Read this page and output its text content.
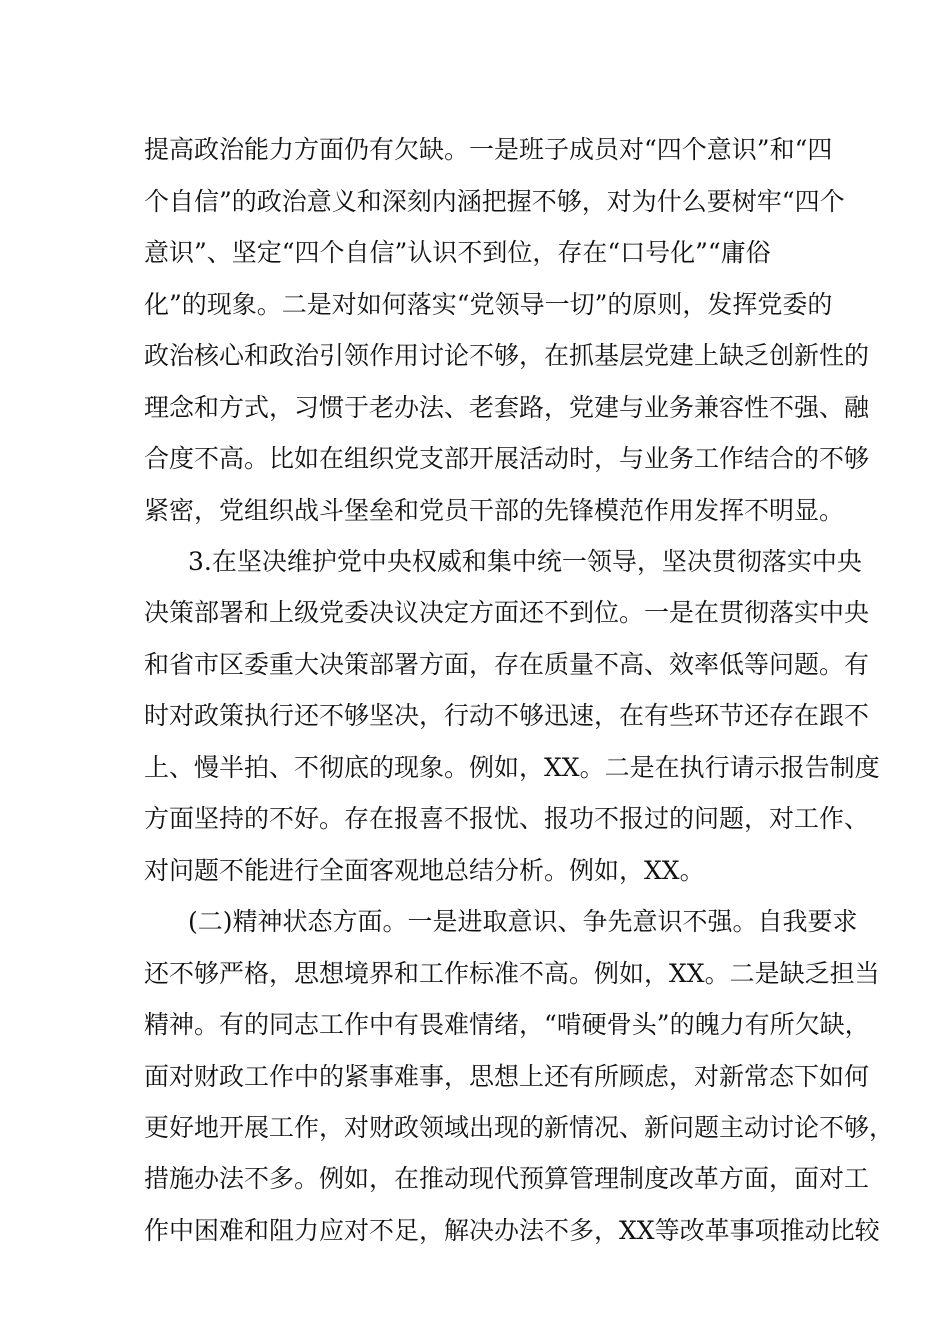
提高政治能力方面仍有欠缺。一是班子成员对“四个意识”和“四
个自信”的政治意义和深刻内涵把握不够，对为什么要树牢“四个
意识”、坚定“四个自信”认识不到位，存在“口号化”“庸俗
化”的现象。二是对如何落实“党领导一切”的原则，发挥党委的
政治核心和政治引领作用讨论不够，在抓基层党建上缺乏创新性的
理念和方式，习惯于老办法、老套路，党建与业务兼容性不强、融
合度不高。比如在组织党支部开展活动时，与业务工作结合的不够
紧密，党组织战斗堡垒和党员干部的先锋模范作用发挥不明显。
3.在坚决维护党中央权威和集中统一领导，坚决贯彻落实中央
决策部署和上级党委决议决定方面还不到位。一是在贯彻落实中央
和省市区委重大决策部署方面，存在质量不高、效率低等问题。有
时对政策执行还不够坚决，行动不够迅速，在有些环节还存在跟不
上、慢半拍、不彻底的现象。例如，XX。二是在执行请示报告制度
方面坚持的不好。存在报喜不报忧、报功不报过的问题，对工作、
对问题不能进行全面客观地总结分析。例如，XX。
(二)精神状态方面。一是进取意识、争先意识不强。自我要求
还不够严格，思想境界和工作标准不高。例如，XX。二是缺乏担当
精神。有的同志工作中有畏难情绪，“啃硬骨头”的魄力有所欠缺，
面对财政工作中的紧事难事，思想上还有所顾虑，对新常态下如何
更好地开展工作，对财政领域出现的新情况、新问题主动讨论不够，
措施办法不多。例如，在推动现代预算管理制度改革方面，面对工
作中困难和阻力应对不足，解决办法不多，XX等改革事项推动比较
